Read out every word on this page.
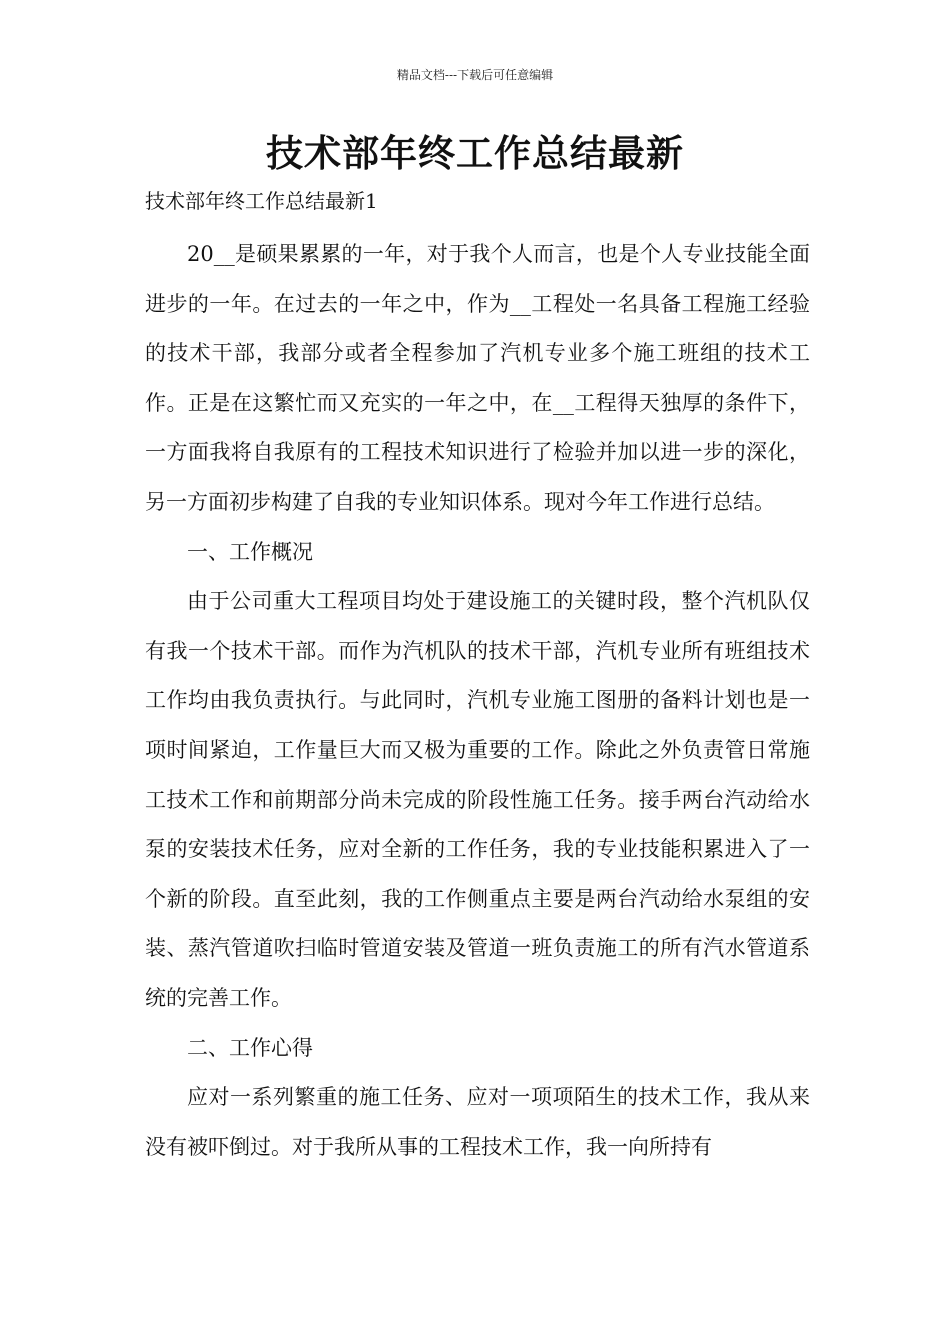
精品文档---下载后可任意编辑
技术部年终工作总结最新
技术部年终工作总结最新1

20__是硕果累累的一年，对于我个人而言，也是个人专业技能全面进步的一年。在过去的一年之中，作为__工程处一名具备工程施工经验的技术干部，我部分或者全程参加了汽机专业多个施工班组的技术工作。正是在这繁忙而又充实的一年之中，在__工程得天独厚的条件下，一方面我将自我原有的工程技术知识进行了检验并加以进一步的深化，另一方面初步构建了自我的专业知识体系。现对今年工作进行总结。

一、工作概况

由于公司重大工程项目均处于建设施工的关键时段，整个汽机队仅有我一个技术干部。而作为汽机队的技术干部，汽机专业所有班组技术工作均由我负责执行。与此同时，汽机专业施工图册的备料计划也是一项时间紧迫，工作量巨大而又极为重要的工作。除此之外负责管日常施工技术工作和前期部分尚未完成的阶段性施工任务。接手两台汽动给水泵的安装技术任务，应对全新的工作任务，我的专业技能积累进入了一个新的阶段。直至此刻，我的工作侧重点主要是两台汽动给水泵组的安装、蒸汽管道吹扫临时管道安装及管道一班负责施工的所有汽水管道系统的完善工作。

二、工作心得

应对一系列繁重的施工任务、应对一项项陌生的技术工作，我从来没有被吓倒过。对于我所从事的工程技术工作，我一向所持有
